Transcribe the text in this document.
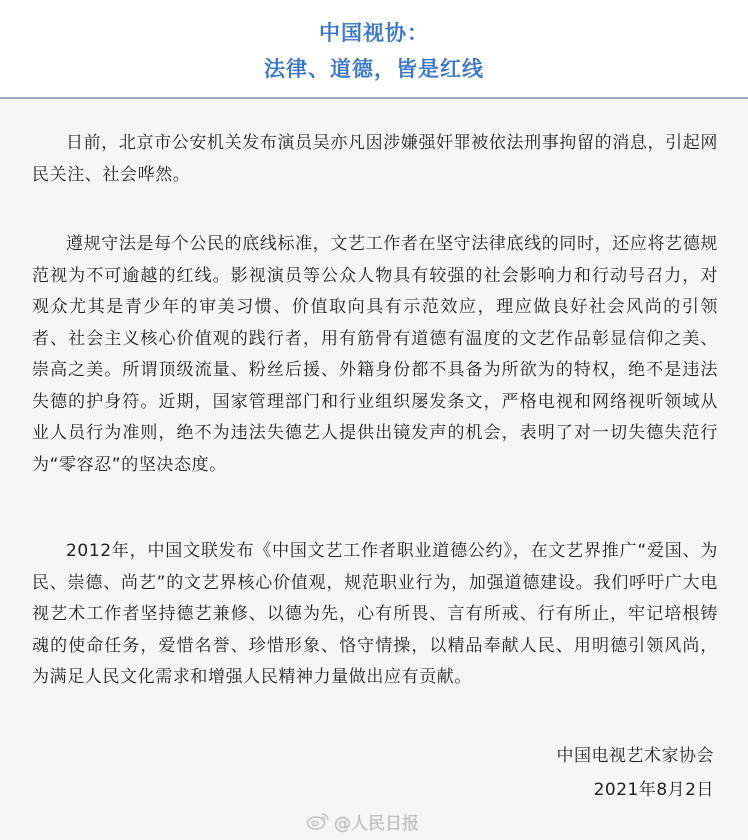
中国视协：
法律、道德，皆是红线

日前，北京市公安机关发布演员吴亦凡因涉嫌强奸罪被依法刑事拘留的消息，引起网民关注、社会哗然。

遵规守法是每个公民的底线标准，文艺工作者在坚守法律底线的同时，还应将艺德规范视为不可逾越的红线。影视演员等公众人物具有较强的社会影响力和行动号召力，对观众尤其是青少年的审美习惯、价值取向具有示范效应，理应做良好社会风尚的引领者、社会主义核心价值观的践行者，用有筋骨有道德有温度的文艺作品彰显信仰之美、崇高之美。所谓顶级流量、粉丝后援、外籍身份都不具备为所欲为的特权，绝不是违法失德的护身符。近期，国家管理部门和行业组织屡发条文，严格电视和网络视听领域从业人员行为准则，绝不为违法失德艺人提供出镜发声的机会，表明了对一切失德失范行为“零容忍”的坚决态度。

2012年，中国文联发布《中国文艺工作者职业道德公约》，在文艺界推广“爱国、为民、崇德、尚艺”的文艺界核心价值观，规范职业行为，加强道德建设。我们呼吁广大电视艺术工作者坚持德艺兼修、以德为先，心有所畏、言有所戒、行有所止，牢记培根铸魂的使命任务，爱惜名誉、珍惜形象、恪守情操，以精品奉献人民、用明德引领风尚，为满足人民文化需求和增强人民精神力量做出应有贡献。

中国电视艺术家协会
2021年8月2日
@人民日报
